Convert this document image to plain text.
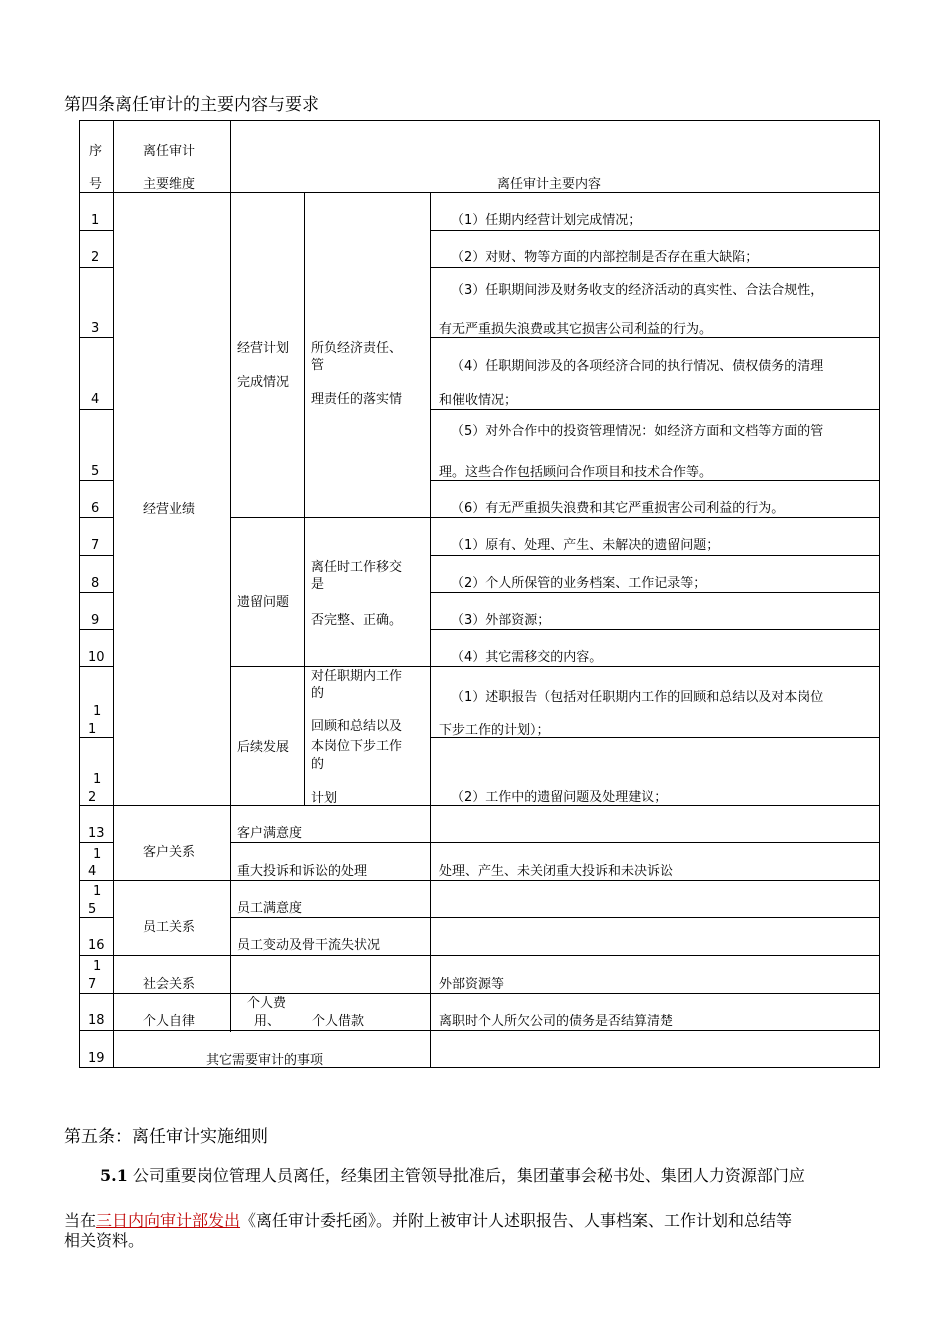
第四条离任审计的主要内容与要求
序
号
离任审计
主要维度	离任审计主要内容
1
2
3
4
5
6
7
8
9
10
1
1
1
2
13
1
4
1
5
16
1
7
18
19
经营业绩
经营计划
完成情况
所负经济责任、
管
理责任的落实情
遗留问题
离任时工作移交
是
否完整、正确。
后续发展
对任职期内工作
的
回顾和总结以及
本岗位下步工作
的
计划
客户关系
员工关系
社会关系
个人自律
其它需要审计的事项
客户满意度
重大投诉和诉讼的处理
员工满意度
员工变动及骨干流失状况
个人费
用、 个人借款
（1）任期内经营计划完成情况；
（2）对财、物等方面的内部控制是否存在重大缺陷；
（3）任职期间涉及财务收支的经济活动的真实性、合法合规性，
有无严重损失浪费或其它损害公司利益的行为。
（4）任职期间涉及的各项经济合同的执行情况、债权债务的清理
和催收情况；
（5）对外合作中的投资管理情况：如经济方面和文档等方面的管
理。这些合作包括顾问合作项目和技术合作等。
（6）有无严重损失浪费和其它严重损害公司利益的行为。
（1）原有、处理、产生、未解决的遗留问题；
（2）个人所保管的业务档案、工作记录等；
（3）外部资源；
（4）其它需移交的内容。
（1）述职报告（包括对任职期内工作的回顾和总结以及对本岗位
下步工作的计划）；
（2）工作中的遗留问题及处理建议；
处理、产生、未关闭重大投诉和未决诉讼
外部资源等
离职时个人所欠公司的债务是否结算清楚
第五条：离任审计实施细则
5.1 公司重要岗位管理人员离任，经集团主管领导批准后，集团董事会秘书处、集团人力资源部门应
当在三日内向审计部发出《离任审计委托函》。并附上被审计人述职报告、人事档案、工作计划和总结等
相关资料。
